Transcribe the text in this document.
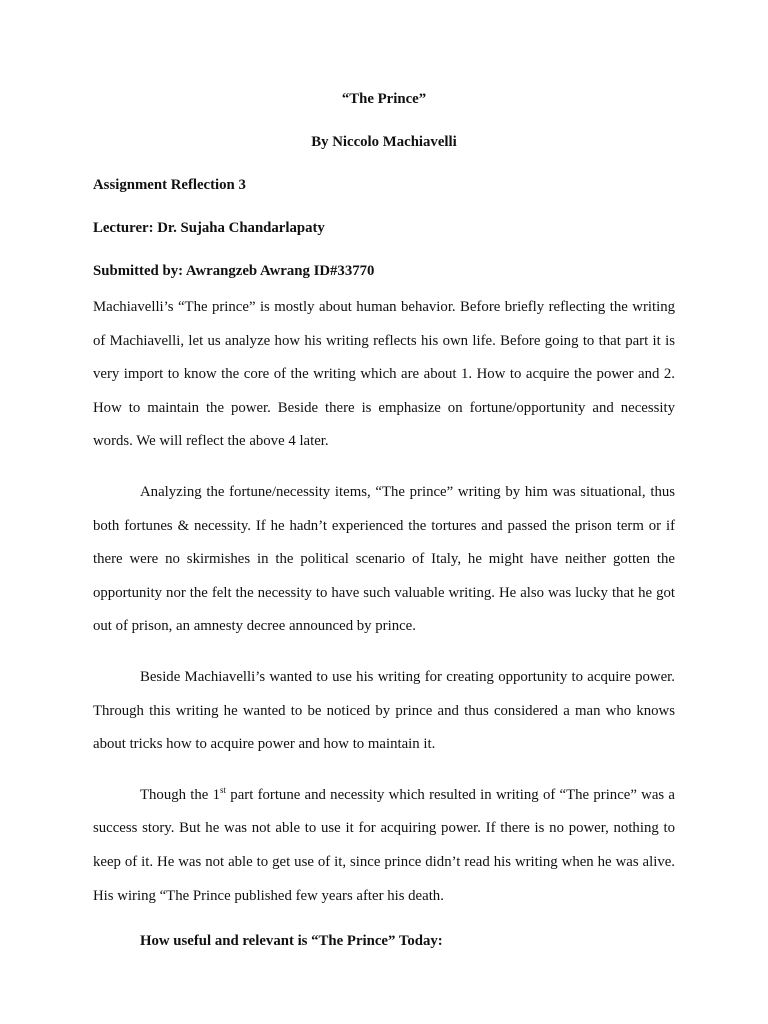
“The Prince”

By Niccolo Machiavelli

Assignment Reflection 3

Lecturer: Dr. Sujaha Chandarlapaty

Submitted by: Awrangzeb Awrang ID#33770

Machiavelli’s “The prince” is mostly about human behavior. Before briefly reflecting the writing of Machiavelli, let us analyze how his writing reflects his own life. Before going to that part it is very import to know the core of the writing which are about 1. How to acquire the power and 2. How to maintain the power. Beside there is emphasize on fortune/opportunity and necessity words. We will reflect the above 4 later.

Analyzing the fortune/necessity items, “The prince” writing by him was situational, thus both fortunes & necessity. If he hadn’t experienced the tortures and passed the prison term or if there were no skirmishes in the political scenario of Italy, he might have neither gotten the opportunity nor the felt the necessity to have such valuable writing. He also was lucky that he got out of prison, an amnesty decree announced by prince.

Beside Machiavelli’s wanted to use his writing for creating opportunity to acquire power. Through this writing he wanted to be noticed by prince and thus considered a man who knows about tricks how to acquire power and how to maintain it.

Though the 1st part fortune and necessity which resulted in writing of “The prince” was a success story. But he was not able to use it for acquiring power. If there is no power, nothing to keep of it. He was not able to get use of it, since prince didn’t read his writing when he was alive. His wiring “The Prince published few years after his death.

How useful and relevant is “The Prince” Today:
